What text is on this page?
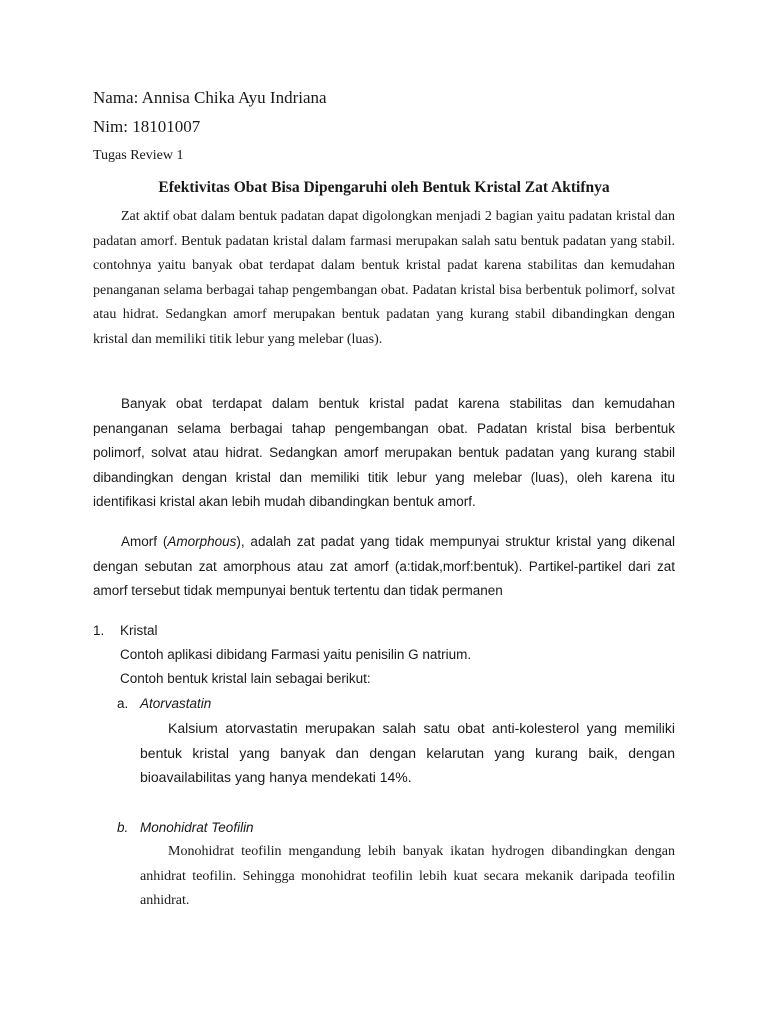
Nama: Annisa Chika Ayu Indriana
Nim: 18101007
Tugas Review 1
Efektivitas Obat Bisa Dipengaruhi oleh Bentuk Kristal Zat Aktifnya
Zat aktif obat dalam bentuk padatan dapat digolongkan menjadi 2 bagian yaitu padatan kristal dan padatan amorf. Bentuk padatan kristal dalam farmasi merupakan salah satu bentuk padatan yang stabil. contohnya yaitu banyak obat terdapat dalam bentuk kristal padat karena stabilitas dan kemudahan penanganan selama berbagai tahap pengembangan obat. Padatan kristal bisa berbentuk polimorf, solvat atau hidrat. Sedangkan amorf merupakan bentuk padatan yang kurang stabil dibandingkan dengan kristal dan memiliki titik lebur yang melebar (luas).
Banyak obat terdapat dalam bentuk kristal padat karena stabilitas dan kemudahan penanganan selama berbagai tahap pengembangan obat. Padatan kristal bisa berbentuk polimorf, solvat atau hidrat. Sedangkan amorf merupakan bentuk padatan yang kurang stabil dibandingkan dengan kristal dan memiliki titik lebur yang melebar (luas), oleh karena itu identifikasi kristal akan lebih mudah dibandingkan bentuk amorf.
Amorf (Amorphous), adalah zat padat yang tidak mempunyai struktur kristal yang dikenal dengan sebutan zat amorphous atau zat amorf (a:tidak,morf:bentuk). Partikel-partikel dari zat amorf tersebut tidak mempunyai bentuk tertentu dan tidak permanen
1. Kristal
Contoh aplikasi dibidang Farmasi yaitu penisilin G natrium.
Contoh bentuk kristal lain sebagai berikut:
a. Atorvastatin
Kalsium atorvastatin merupakan salah satu obat anti-kolesterol yang memiliki bentuk kristal yang banyak dan dengan kelarutan yang kurang baik, dengan bioavailabilitas yang hanya mendekati 14%.
b. Monohidrat Teofilin
Monohidrat teofilin mengandung lebih banyak ikatan hydrogen dibandingkan dengan anhidrat teofilin. Sehingga monohidrat teofilin lebih kuat secara mekanik daripada teofilin anhidrat.
